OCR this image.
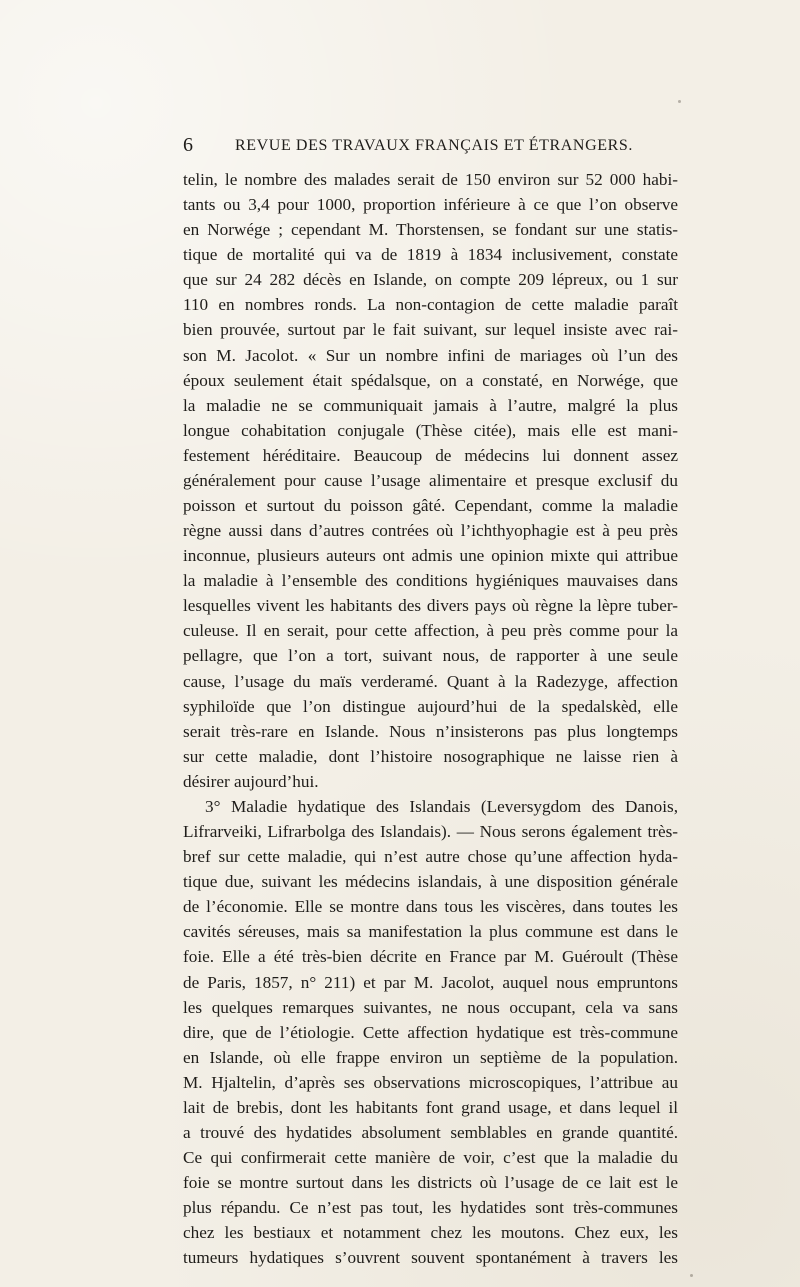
6	REVUE DES TRAVAUX FRANÇAIS ET ÉTRANGERS.
telin, le nombre des malades serait de 150 environ sur 52 000 habi-
tants ou 3,4 pour 1000, proportion inférieure à ce que l’on observe
en Norwége ; cependant M. Thorstensen, se fondant sur une statis-
tique de mortalité qui va de 1819 à 1834 inclusivement, constate
que sur 24 282 décès en Islande, on compte 209 lépreux, ou 1 sur
110 en nombres ronds. La non-contagion de cette maladie paraît
bien prouvée, surtout par le fait suivant, sur lequel insiste avec rai-
son M. Jacolot. « Sur un nombre infini de mariages où l’un des
époux seulement était spédalsque, on a constaté, en Norwége, que
la maladie ne se communiquait jamais à l’autre, malgré la plus
longue cohabitation conjugale (Thèse citée), mais elle est mani-
festement héréditaire. Beaucoup de médecins lui donnent assez
généralement pour cause l’usage alimentaire et presque exclusif du
poisson et surtout du poisson gâté. Cependant, comme la maladie
règne aussi dans d’autres contrées où l’ichthyophagie est à peu près
inconnue, plusieurs auteurs ont admis une opinion mixte qui attribue
la maladie à l’ensemble des conditions hygiéniques mauvaises dans
lesquelles vivent les habitants des divers pays où règne la lèpre tuber-
culeuse. Il en serait, pour cette affection, à peu près comme pour la
pellagre, que l’on a tort, suivant nous, de rapporter à une seule
cause, l’usage du maïs verderamé. Quant à la Radezyge, affection
syphiloïde que l’on distingue aujourd’hui de la spedalskèd, elle
serait très-rare en Islande. Nous n’insisterons pas plus longtemps
sur cette maladie, dont l’histoire nosographique ne laisse rien à
désirer aujourd’hui.
3° Maladie hydatique des Islandais (Leversygdom des Danois,
Lifrarveiki, Lifrarbolga des Islandais). — Nous serons également très-
bref sur cette maladie, qui n’est autre chose qu’une affection hyda-
tique due, suivant les médecins islandais, à une disposition générale
de l’économie. Elle se montre dans tous les viscères, dans toutes les
cavités séreuses, mais sa manifestation la plus commune est dans le
foie. Elle a été très-bien décrite en France par M. Guéroult (Thèse
de Paris, 1857, n° 211) et par M. Jacolot, auquel nous empruntons
les quelques remarques suivantes, ne nous occupant, cela va sans
dire, que de l’étiologie. Cette affection hydatique est très-commune
en Islande, où elle frappe environ un septième de la population.
M. Hjaltelin, d’après ses observations microscopiques, l’attribue au
lait de brebis, dont les habitants font grand usage, et dans lequel il
a trouvé des hydatides absolument semblables en grande quantité.
Ce qui confirmerait cette manière de voir, c’est que la maladie du
foie se montre surtout dans les districts où l’usage de ce lait est le
plus répandu. Ce n’est pas tout, les hydatides sont très-communes
chez les bestiaux et notamment chez les moutons. Chez eux, les
tumeurs hydatiques s’ouvrent souvent spontanément à travers les
